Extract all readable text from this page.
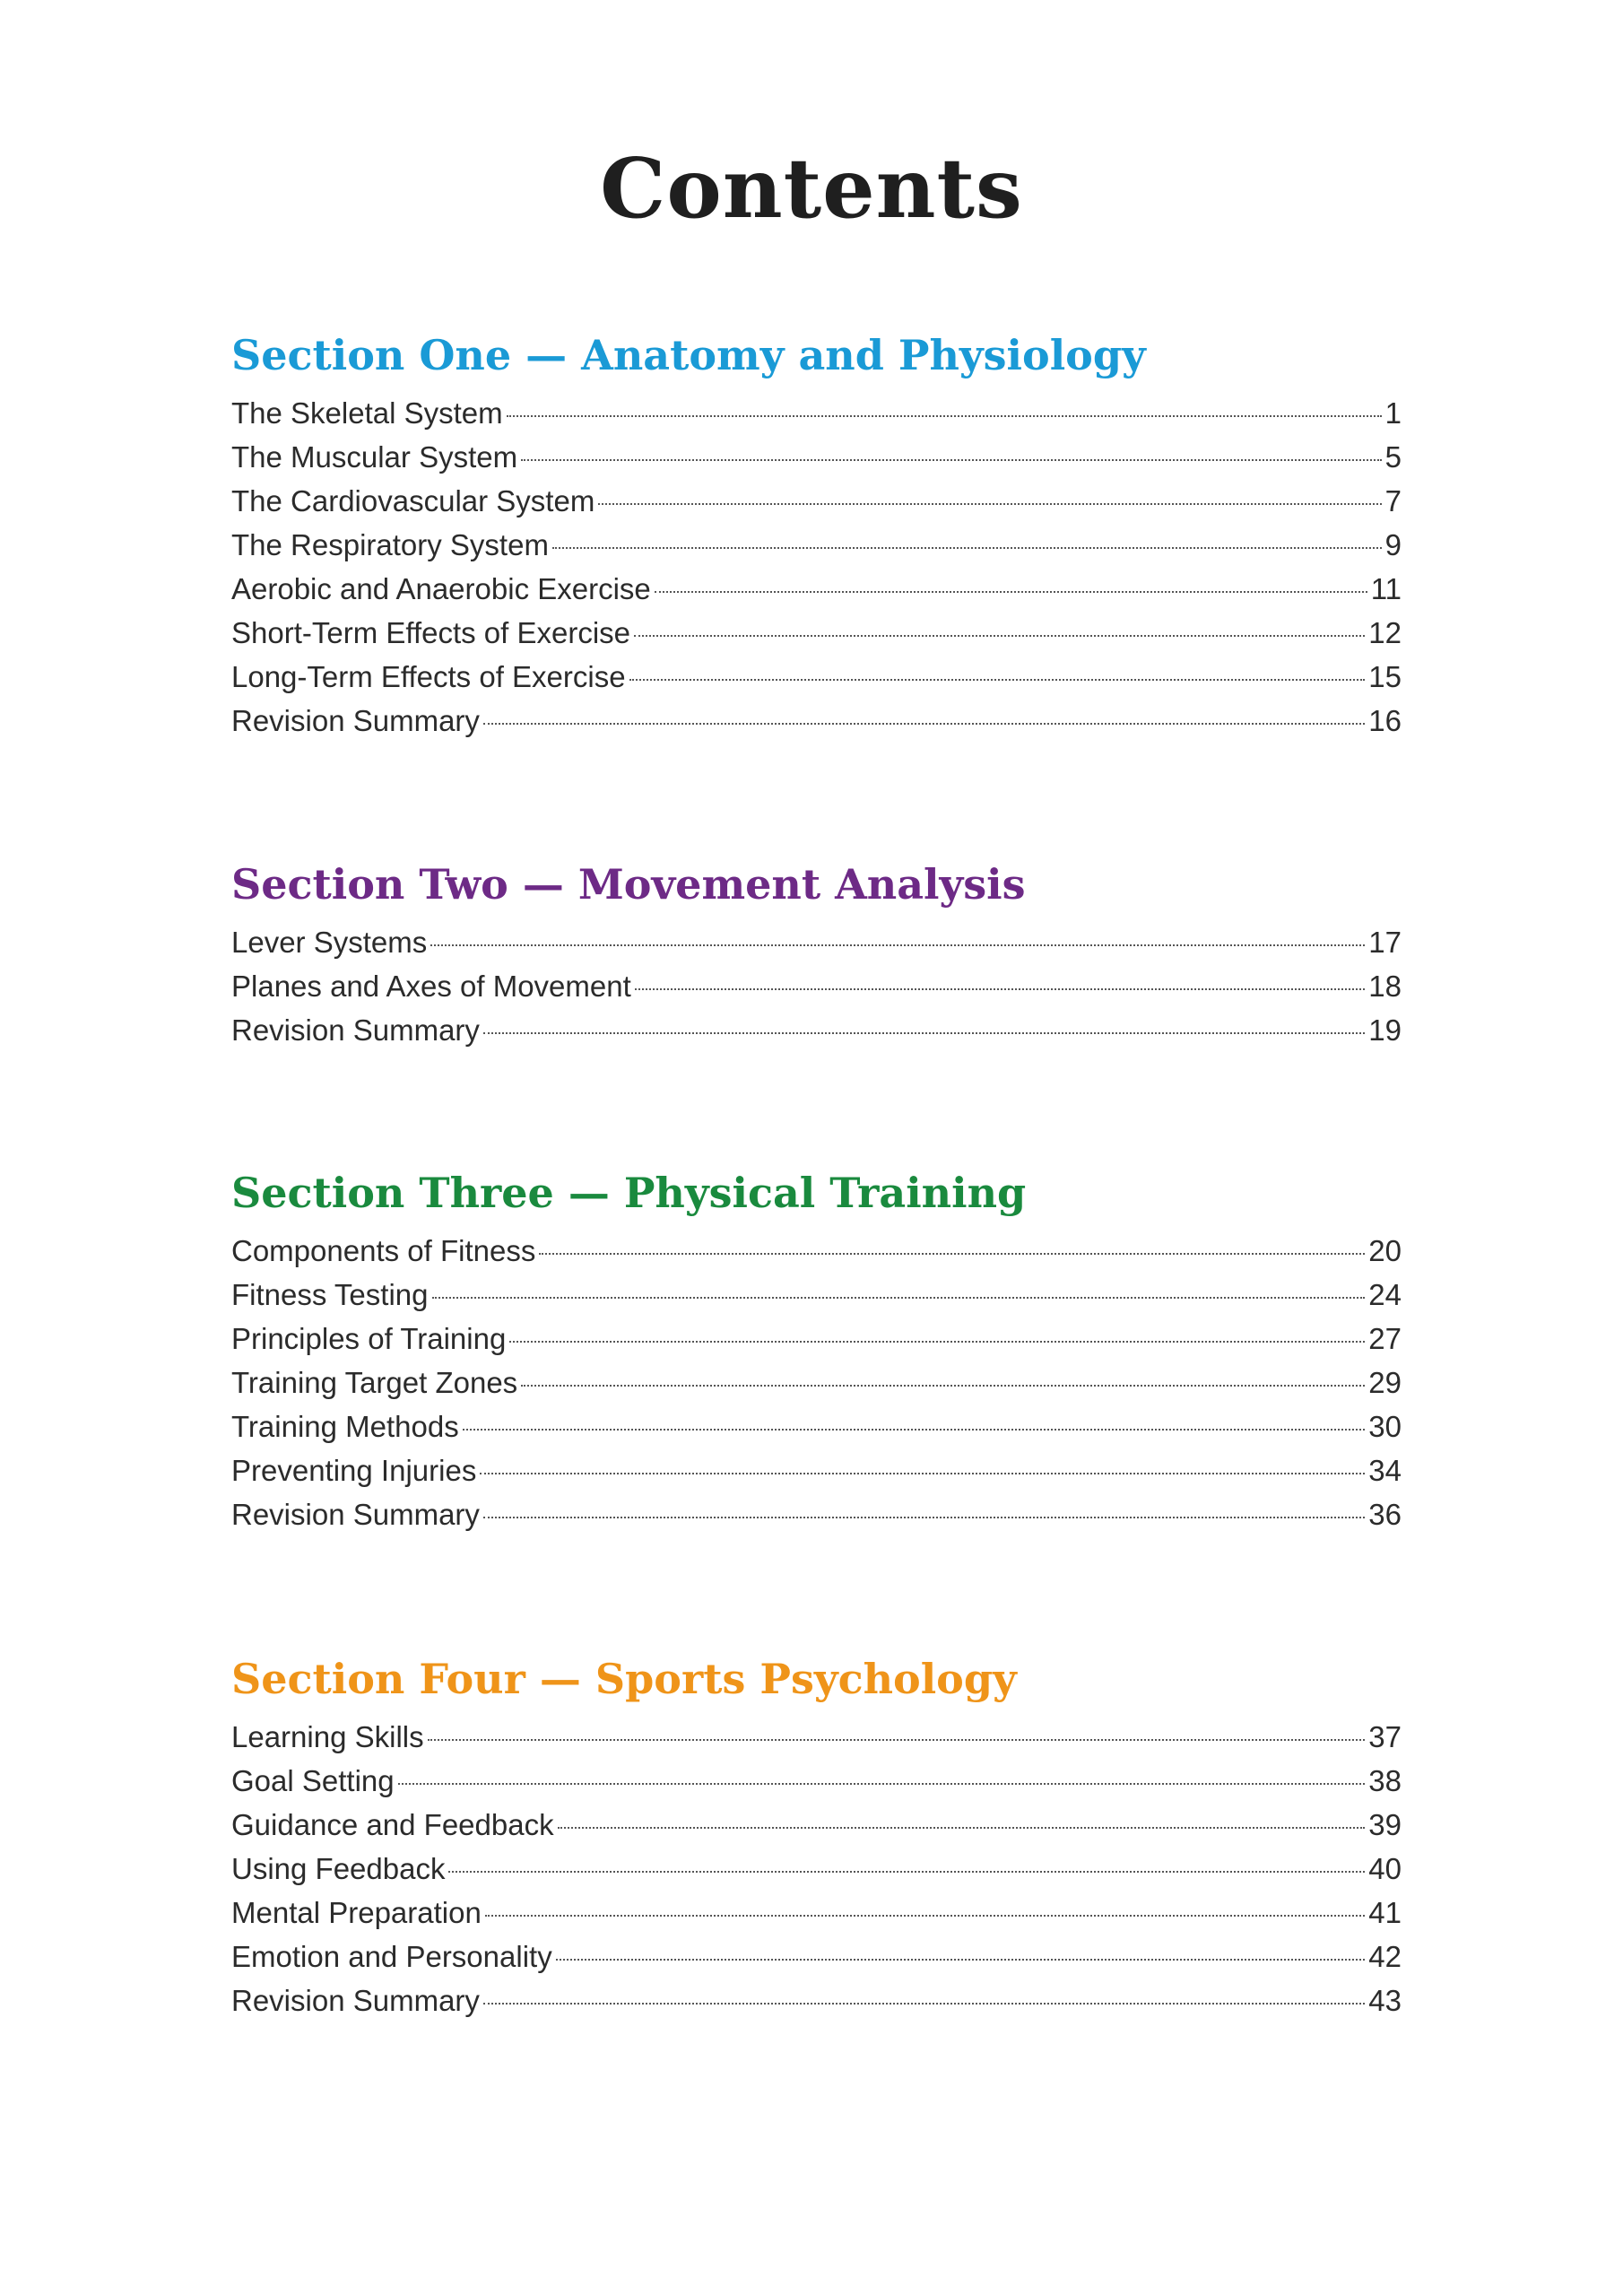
Contents
Section One — Anatomy and Physiology
The Skeletal System	1
The Muscular System	5
The Cardiovascular System	7
The Respiratory System	9
Aerobic and Anaerobic Exercise	11
Short-Term Effects of Exercise	12
Long-Term Effects of Exercise	15
Revision Summary	16
Section Two — Movement Analysis
Lever Systems	17
Planes and Axes of Movement	18
Revision Summary	19
Section Three — Physical Training
Components of Fitness	20
Fitness Testing	24
Principles of Training	27
Training Target Zones	29
Training Methods	30
Preventing Injuries	34
Revision Summary	36
Section Four — Sports Psychology
Learning Skills	37
Goal Setting	38
Guidance and Feedback	39
Using Feedback	40
Mental Preparation	41
Emotion and Personality	42
Revision Summary	43
